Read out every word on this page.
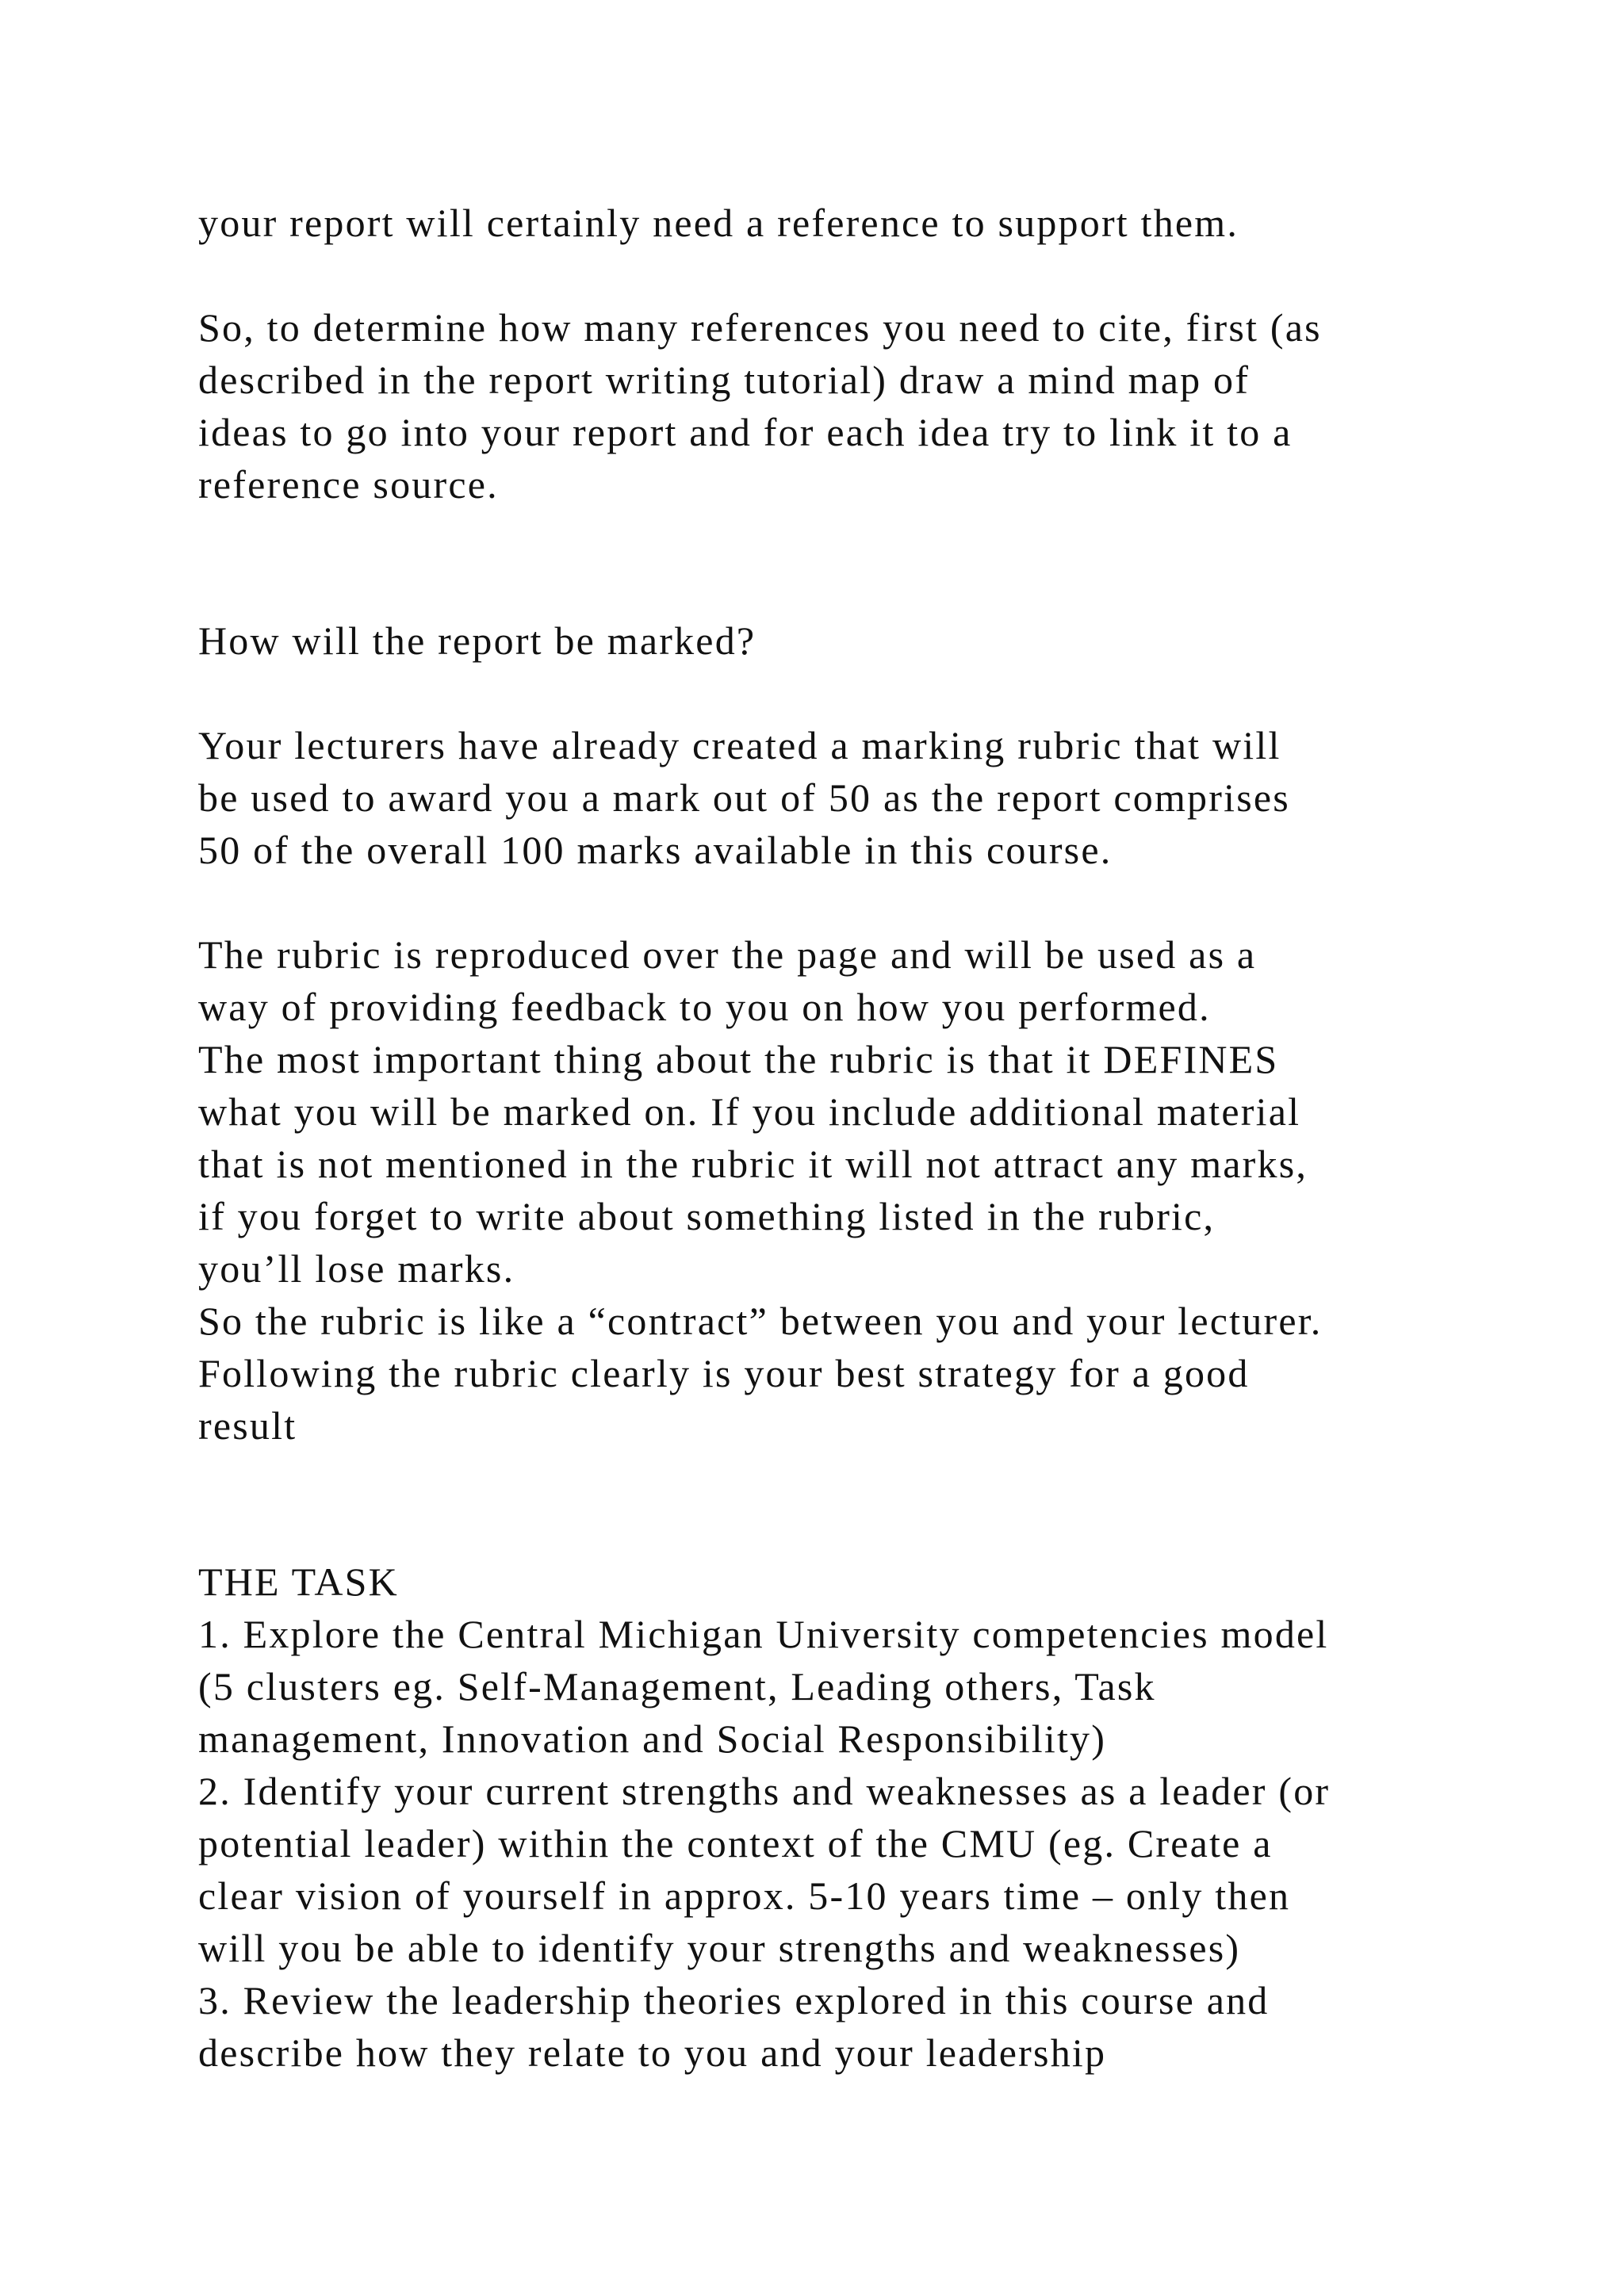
your report will certainly need a reference to support them.

So, to determine how many references you need to cite, first (as

described in the report writing tutorial) draw a mind map of

ideas to go into your report and for each idea try to link it to a

reference source.

How will the report be marked?

Your lecturers have already created a marking rubric that will

be used to award you a mark out of 50 as the report comprises

50 of the overall 100 marks available in this course.

The rubric is reproduced over the page and will be used as a

way of providing feedback to you on how you performed.

The most important thing about the rubric is that it DEFINES

what you will be marked on. If you include additional material

that is not mentioned in the rubric it will not attract any marks,

if you forget to write about something listed in the rubric,

you’ll lose marks.

So the rubric is like a “contract” between you and your lecturer.

Following the rubric clearly is your best strategy for a good

result

THE TASK

1. Explore the Central Michigan University competencies model

(5 clusters eg. Self-Management, Leading others, Task

management, Innovation and Social Responsibility)

2. Identify your current strengths and weaknesses as a leader (or

potential leader) within the context of the CMU (eg. Create a

clear vision of yourself in approx. 5-10 years time – only then

will you be able to identify your strengths and weaknesses)

3. Review the leadership theories explored in this course and

describe how they relate to you and your leadership
